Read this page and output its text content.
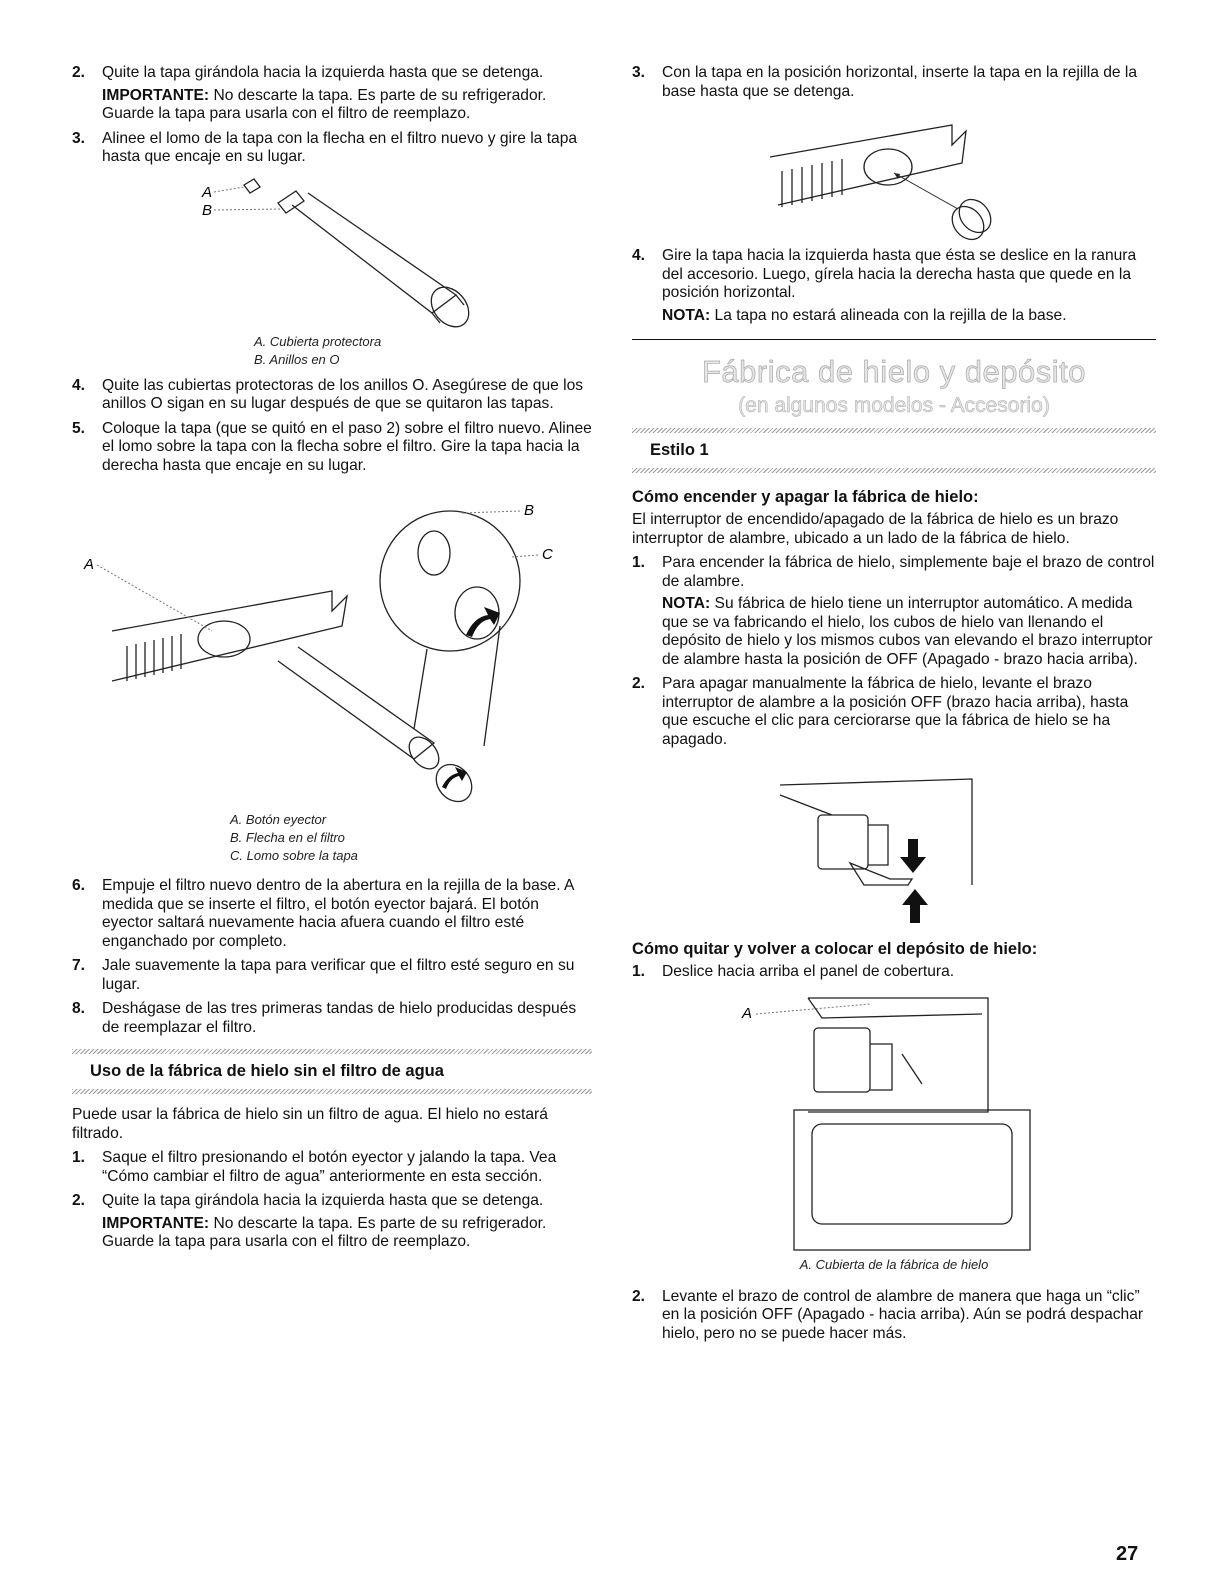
2.	Quite la tapa girándola hacia la izquierda hasta que se detenga.

IMPORTANTE: No descarte la tapa. Es parte de su refrigerador. Guarde la tapa para usarla con el filtro de reemplazo.

3.	Alinee el lomo de la tapa con la flecha en el filtro nuevo y gire la tapa hasta que encaje en su lugar.

A
B
A. Cubierta protectora
B. Anillos en O
4.	Quite las cubiertas protectoras de los anillos O. Asegúrese de que los anillos O sigan en su lugar después de que se quitaron las tapas.

5.	Coloque la tapa (que se quitó en el paso 2) sobre el filtro nuevo. Alinee el lomo sobre la tapa con la flecha sobre el filtro. Gire la tapa hacia la derecha hasta que encaje en su lugar.

A
B
C
A. Botón eyector
B. Flecha en el filtro
C. Lomo sobre la tapa
6.	Empuje el filtro nuevo dentro de la abertura en la rejilla de la base. A medida que se inserte el filtro, el botón eyector bajará. El botón eyector saltará nuevamente hacia afuera cuando el filtro esté enganchado por completo.

7.	Jale suavemente la tapa para verificar que el filtro esté seguro en su lugar.

8.	Deshágase de las tres primeras tandas de hielo producidas después de reemplazar el filtro.

Uso de la fábrica de hielo sin el filtro de agua

Puede usar la fábrica de hielo sin un filtro de agua. El hielo no estará filtrado.

1.	Saque el filtro presionando el botón eyector y jalando la tapa. Vea “Cómo cambiar el filtro de agua” anteriormente en esta sección.

2.	Quite la tapa girándola hacia la izquierda hasta que se detenga.

IMPORTANTE: No descarte la tapa. Es parte de su refrigerador. Guarde la tapa para usarla con el filtro de reemplazo.

3.	Con la tapa en la posición horizontal, inserte la tapa en la rejilla de la base hasta que se detenga.

4.	Gire la tapa hacia la izquierda hasta que ésta se deslice en la ranura del accesorio. Luego, gírela hacia la derecha hasta que quede en la posición horizontal.

NOTA: La tapa no estará alineada con la rejilla de la base.

Fábrica de hielo y depósito
(en algunos modelos - Accesorio)
Estilo 1
Cómo encender y apagar la fábrica de hielo:

El interruptor de encendido/apagado de la fábrica de hielo es un brazo interruptor de alambre, ubicado a un lado de la fábrica de hielo.

1.	Para encender la fábrica de hielo, simplemente baje el brazo de control de alambre.

NOTA: Su fábrica de hielo tiene un interruptor automático. A medida que se va fabricando el hielo, los cubos de hielo van llenando el depósito de hielo y los mismos cubos van elevando el brazo interruptor de alambre hasta la posición de OFF (Apagado - brazo hacia arriba).

2.	Para apagar manualmente la fábrica de hielo, levante el brazo interruptor de alambre a la posición OFF (brazo hacia arriba), hasta que escuche el clic para cerciorarse que la fábrica de hielo se ha apagado.

Cómo quitar y volver a colocar el depósito de hielo:
1.	Deslice hacia arriba el panel de cobertura.

A
A. Cubierta de la fábrica de hielo
2.	Levante el brazo de control de alambre de manera que haga un “clic” en la posición OFF (Apagado - hacia arriba). Aún se podrá despachar hielo, pero no se puede hacer más.

27
